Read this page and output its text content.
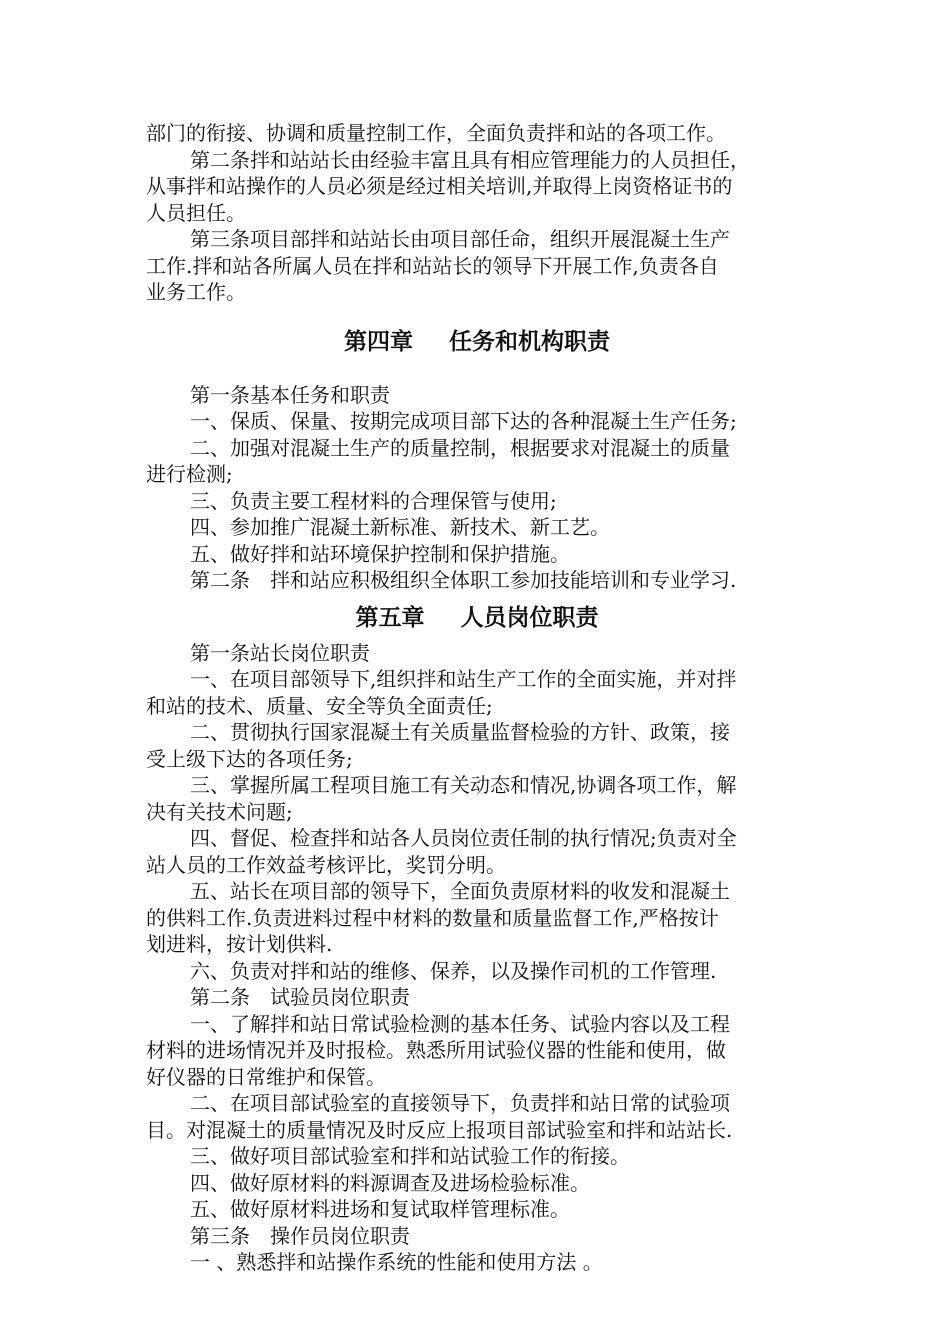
部门的衔接、协调和质量控制工作，全面负责拌和站的各项工作。

第二条拌和站站长由经验丰富且具有相应管理能力的人员担任，

从事拌和站操作的人员必须是经过相关培训,并取得上岗资格证书的

人员担任。

第三条项目部拌和站站长由项目部任命，组织开展混凝土生产

工作.拌和站各所属人员在拌和站站长的领导下开展工作,负责各自

业务工作。

第四章 任务和机构职责

第一条基本任务和职责

一、保质、保量、按期完成项目部下达的各种混凝土生产任务;

二、加强对混凝土生产的质量控制，根据要求对混凝土的质量

进行检测;

三、负责主要工程材料的合理保管与使用;

四、参加推广混凝土新标准、新技术、新工艺。

五、做好拌和站环境保护控制和保护措施。

第二条　拌和站应积极组织全体职工参加技能培训和专业学习.

第五章 人员岗位职责

第一条站长岗位职责

一、在项目部领导下,组织拌和站生产工作的全面实施，并对拌

和站的技术、质量、安全等负全面责任;

二、贯彻执行国家混凝土有关质量监督检验的方针、政策，接

受上级下达的各项任务;

三、掌握所属工程项目施工有关动态和情况,协调各项工作，解

决有关技术问题;

四、督促、检查拌和站各人员岗位责任制的执行情况;负责对全

站人员的工作效益考核评比，奖罚分明。

五、站长在项目部的领导下，全面负责原材料的收发和混凝土

的供料工作.负责进料过程中材料的数量和质量监督工作,严格按计

划进料，按计划供料.

六、负责对拌和站的维修、保养，以及操作司机的工作管理.

第二条　试验员岗位职责

一、了解拌和站日常试验检测的基本任务、试验内容以及工程

材料的进场情况并及时报检。熟悉所用试验仪器的性能和使用，做

好仪器的日常维护和保管。

二、在项目部试验室的直接领导下，负责拌和站日常的试验项

目。对混凝土的质量情况及时反应上报项目部试验室和拌和站站长.

三、做好项目部试验室和拌和站试验工作的衔接。

四、做好原材料的料源调查及进场检验标准。

五、做好原材料进场和复试取样管理标准。

第三条　操作员岗位职责

一 、熟悉拌和站操作系统的性能和使用方法 。
